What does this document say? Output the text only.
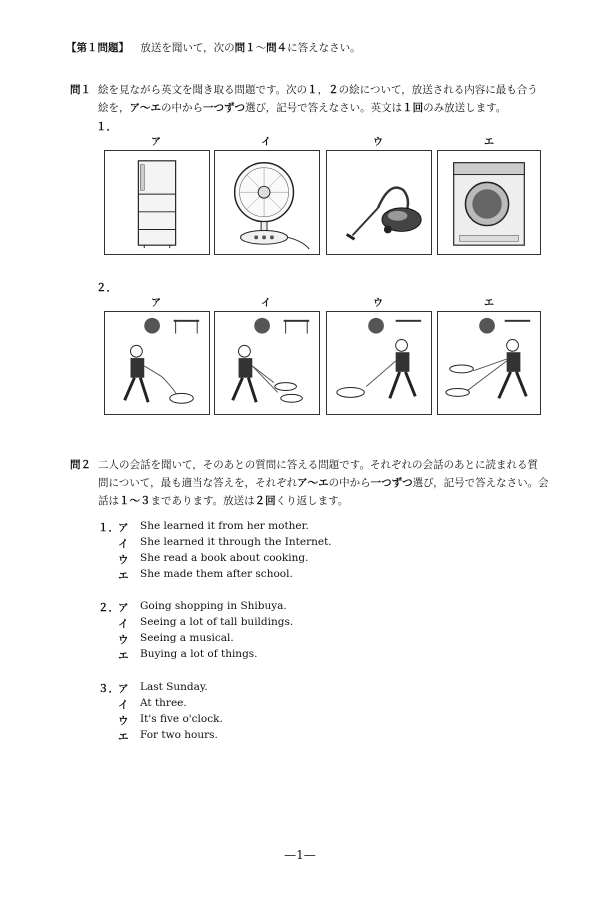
【第１問題】 放送を聞いて，次の問１～問４に答えなさい。
問１ 絵を見ながら英文を聞き取る問題です。次の１，２の絵について，放送される内容に最も合う
絵を，ア～エの中から一つずつ選び，記号で答えなさい。英文は１回のみ放送します。
１．
ア	イ	ウ	エ
２．
ア	イ	ウ	エ
問２ 二人の会話を聞いて，そのあとの質問に答える問題です。それぞれの会話のあとに読まれる質
問について，最も適当な答えを，それぞれア～エの中から一つずつ選び，記号で答えなさい。会
話は１～３まであります。放送は２回くり返します。
１． ア	She learned it from her mother.
イ	She learned it through the Internet.
ウ	She read a book about cooking.
エ	She made them after school.
２． ア	Going shopping in Shibuya.
イ	Seeing a lot of tall buildings.
ウ	Seeing a musical.
エ	Buying a lot of things.
３． ア	Last Sunday.
イ	At three.
ウ	It's five o'clock.
エ	For two hours.
—1—
